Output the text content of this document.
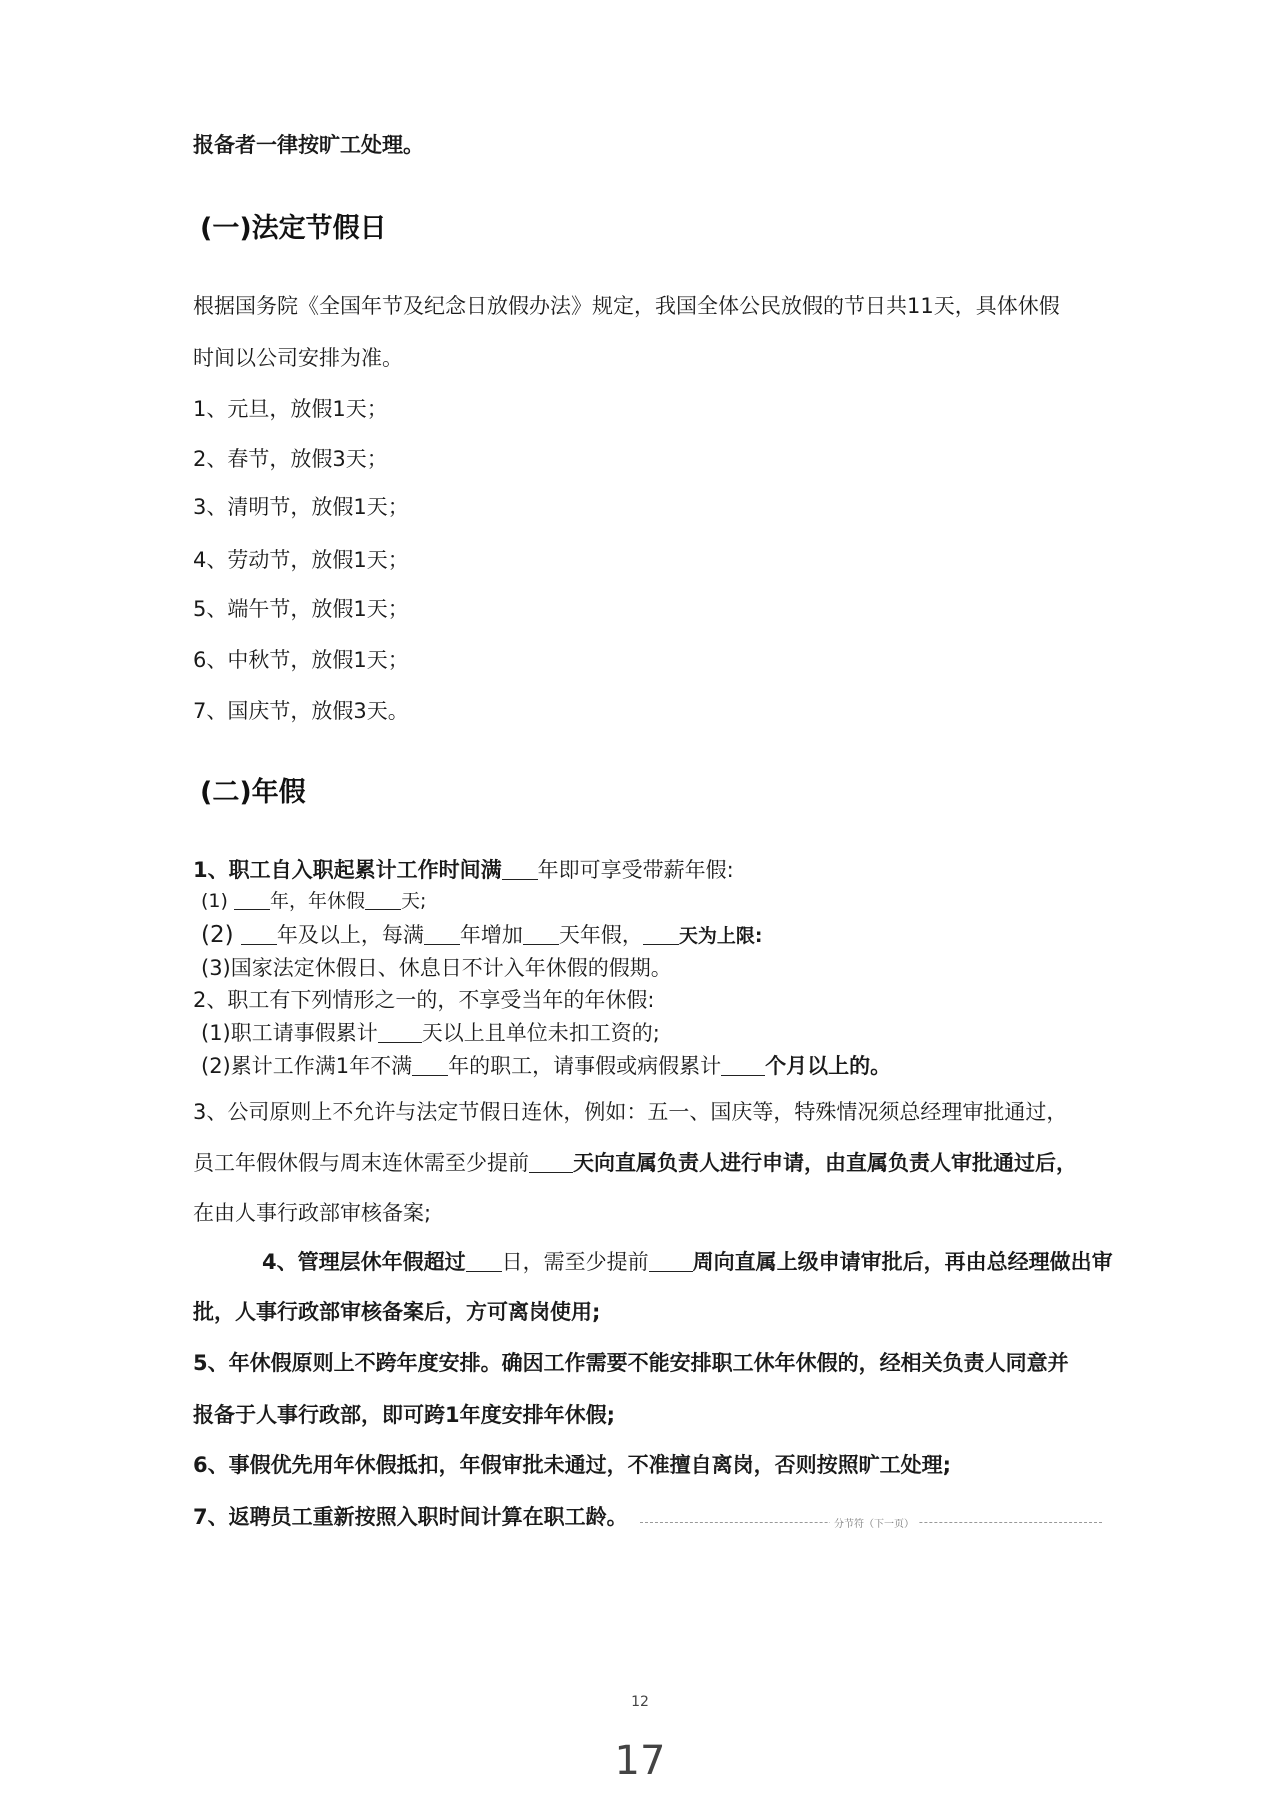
报备者一律按旷工处理。
(一)法定节假日
根据国务院《全国年节及纪念日放假办法》规定，我国全体公民放假的节日共11天，具体休假
时间以公司安排为准。
1、元旦，放假1天；
2、春节，放假3天；
3、清明节，放假1天；
4、劳动节，放假1天；
5、端午节，放假1天；
6、中秋节，放假1天；
7、国庆节，放假3天。
(二)年假
1、职工自入职起累计工作时间满 年即可享受带薪年假:
(1) 年，年休假 天;
(2) 年及以上，每满 年增加 天年假， 天为上限:
(3)国家法定休假日、休息日不计入年休假的假期。
2、职工有下列情形之一的，不享受当年的年休假:
(1)职工请事假累计 天以上且单位未扣工资的;
(2)累计工作满1年不满 年的职工，请事假或病假累计 个月以上的。
3、公司原则上不允许与法定节假日连休，例如：五一、国庆等，特殊情况须总经理审批通过，
员工年假休假与周末连休需至少提前 天向直属负责人进行申请，由直属负责人审批通过后，
在由人事行政部审核备案;
4、管理层休年假超过 日，需至少提前 周向直属上级申请审批后，再由总经理做出审
批，人事行政部审核备案后，方可离岗使用;
5、年休假原则上不跨年度安排。确因工作需要不能安排职工休年休假的，经相关负责人同意并
报备于人事行政部，即可跨1年度安排年休假;
6、事假优先用年休假抵扣，年假审批未通过，不准擅自离岗，否则按照旷工处理;
7、返聘员工重新按照入职时间计算在职工龄。	分节符（下一页）
12
17
